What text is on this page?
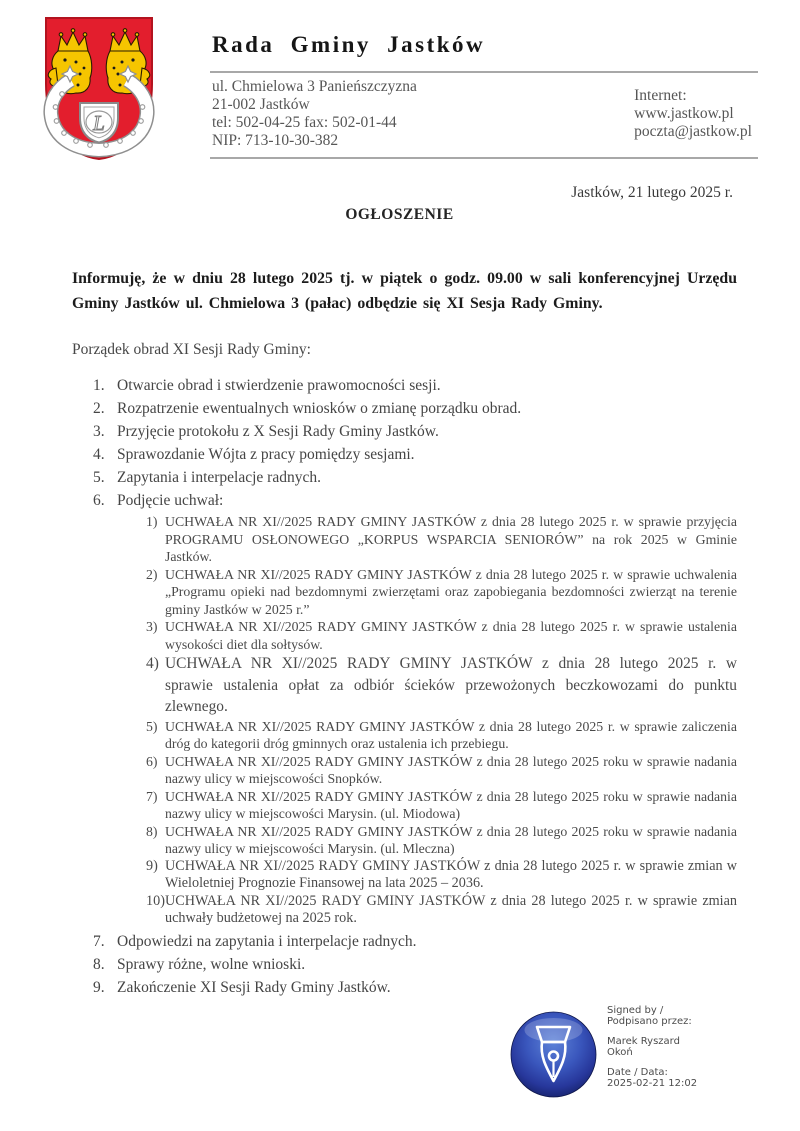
L
Rada Gminy Jastków
ul. Chmielowa 3 Panieńszczyzna
21-002 Jastków
tel: 502-04-25 fax: 502-01-44
NIP: 713-10-30-382
Internet:
www.jastkow.pl
poczta@jastkow.pl
Jastków, 21 lutego 2025 r.
OGŁOSZENIE

Informuję, że w dniu 28 lutego 2025 tj. w piątek o godz. 09.00 w sali konferencyjnej Urzędu Gminy Jastków ul. Chmielowa 3 (pałac) odbędzie się XI Sesja Rady Gminy.

Porządek obrad XI Sesji Rady Gminy:
1. Otwarcie obrad i stwierdzenie prawomocności sesji.
2. Rozpatrzenie ewentualnych wniosków o zmianę porządku obrad.
3. Przyjęcie protokołu z X Sesji Rady Gminy Jastków.
4. Sprawozdanie Wójta z pracy pomiędzy sesjami.
5. Zapytania i interpelacje radnych.
6. Podjęcie uchwał:
1) UCHWAŁA NR XI//2025 RADY GMINY JASTKÓW z dnia 28 lutego 2025 r. w sprawie przyjęcia PROGRAMU OSŁONOWEGO „KORPUS WSPARCIA SENIORÓW” na rok 2025 w Gminie Jastków.
2) UCHWAŁA NR XI//2025 RADY GMINY JASTKÓW z dnia 28 lutego 2025 r. w sprawie uchwalenia „Programu opieki nad bezdomnymi zwierzętami oraz zapobiegania bezdomności zwierząt na terenie gminy Jastków w 2025 r.”
3) UCHWAŁA NR XI//2025 RADY GMINY JASTKÓW z dnia 28 lutego 2025 r. w sprawie ustalenia wysokości diet dla sołtysów.
4) UCHWAŁA NR XI//2025 RADY GMINY JASTKÓW z dnia 28 lutego 2025 r. w sprawie ustalenia opłat za odbiór ścieków przewożonych beczkowozami do punktu zlewnego.
5) UCHWAŁA NR XI//2025 RADY GMINY JASTKÓW z dnia 28 lutego 2025 r. w sprawie zaliczenia dróg do kategorii dróg gminnych oraz ustalenia ich przebiegu.
6) UCHWAŁA NR XI//2025 RADY GMINY JASTKÓW z dnia 28 lutego 2025 roku w sprawie nadania nazwy ulicy w miejscowości Snopków.
7) UCHWAŁA NR XI//2025 RADY GMINY JASTKÓW z dnia 28 lutego 2025 roku w sprawie nadania nazwy ulicy w miejscowości Marysin. (ul. Miodowa)
8) UCHWAŁA NR XI//2025 RADY GMINY JASTKÓW z dnia 28 lutego 2025 roku w sprawie nadania nazwy ulicy w miejscowości Marysin. (ul. Mleczna)
9) UCHWAŁA NR XI//2025 RADY GMINY JASTKÓW z dnia 28 lutego 2025 r. w sprawie zmian w Wieloletniej Prognozie Finansowej na lata 2025 – 2036.
10) UCHWAŁA NR XI//2025 RADY GMINY JASTKÓW z dnia 28 lutego 2025 r. w sprawie zmian uchwały budżetowej na 2025 rok.
7. Odpowiedzi na zapytania i interpelacje radnych.
8. Sprawy różne, wolne wnioski.
9. Zakończenie XI Sesji Rady Gminy Jastków.

Signed by /
Podpisano przez:

Marek Ryszard
Okoń

Date / Data:
2025-02-21 12:02
